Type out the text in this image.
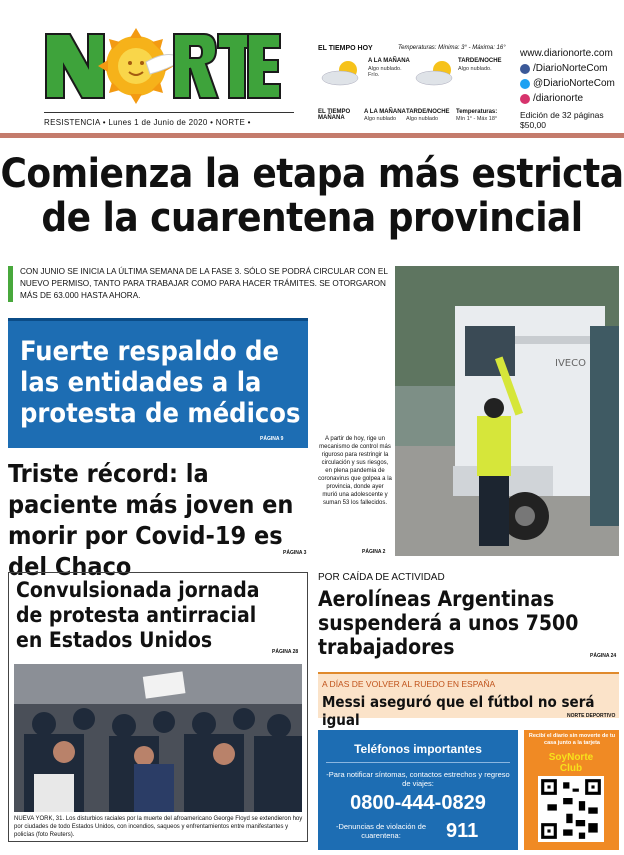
RESISTENCIA • Lunes 1 de Junio de 2020 • NORTE •
EL TIEMPO HOY	Temperaturas: Mínima: 3° - Máxima: 16°
A LA MAÑANA
Algo nublado. Frío.
TARDE/NOCHE
Algo nublado.
EL TIEMPO MAÑANA
A LA MAÑANA
Algo nublado
TARDE/NOCHE
Algo nublado
Temperaturas:
Mín 1° - Máx 18°
www.diarionorte.com
/DiarioNorteCom
@DiarioNorteCom
/diarionorte
Edición de 32 páginas
$50,00
Comienza la etapa más estricta
de la cuarentena provincial
CON JUNIO SE INICIA LA ÚLTIMA SEMANA DE LA FASE 3. SÓLO SE PODRÁ CIRCULAR CON EL NUEVO PERMISO, TANTO PARA TRABAJAR COMO PARA HACER TRÁMITES. SE OTORGARON MÁS DE 63.000 HASTA AHORA.
Fuerte respaldo de las entidades a la protesta de médicos
PÁGINA 9
Triste récord: la paciente más joven en morir por Covid-19 es del Chaco	PÁGINA 3
IVECO
A partir de hoy, rige un mecanismo de control más riguroso para restringir la circulación y sus riesgos, en plena pandemia de coronavirus que golpea a la provincia, donde ayer murió una adolescente y suman 53 los fallecidos.
PÁGINA 2
Convulsionada jornada de protesta antirracial en Estados Unidos	PÁGINA 28
NUEVA YORK, 31. Los disturbios raciales por la muerte del afroamericano George Floyd se extendieron hoy por ciudades de todo Estados Unidos, con incendios, saqueos y enfrentamientos entre manifestantes y policías (foto Reuters).
POR CAÍDA DE ACTIVIDAD
Aerolíneas Argentinas suspenderá a unos 7500 trabajadores	PÁGINA 24
A DÍAS DE VOLVER AL RUEDO EN ESPAÑA
Messi aseguró que el fútbol no será igual	NORTE DEPORTIVO
Teléfonos importantes
-Para notificar síntomas, contactos estrechos y regreso de viajes:
0800-444-0829
-Denuncias de violación de cuarentena:	911
Recibí el diario sin moverte de tu casa junto a la tarjeta
SoyNorte Club
